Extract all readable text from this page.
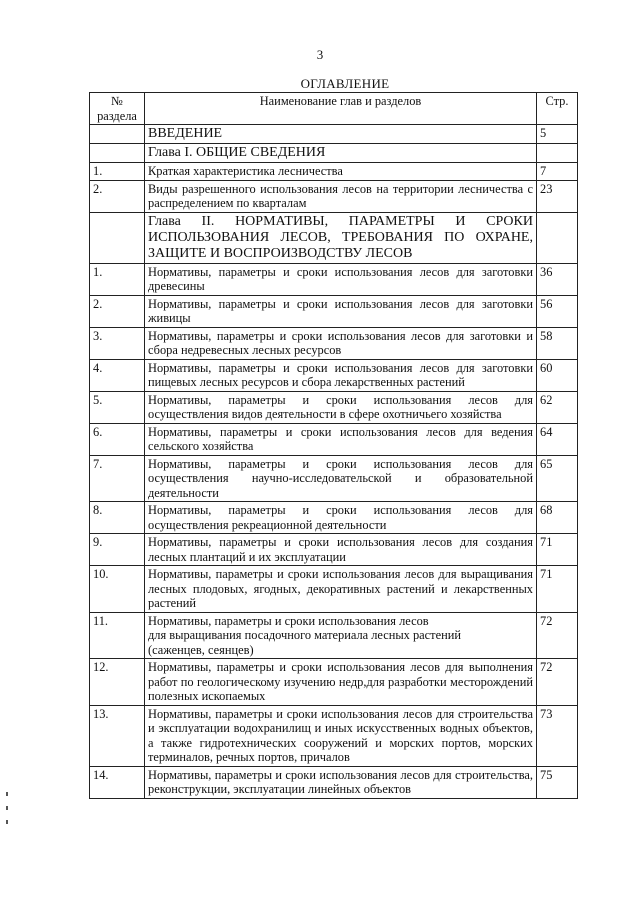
3
ОГЛАВЛЕНИЕ
№ раздела	Наименование глав и разделов	Стр.
	ВВЕДЕНИЕ	5
	Глава I. ОБЩИЕ СВЕДЕНИЯ	
1.	Краткая характеристика лесничества	7
2.	Виды разрешенного использования лесов на территории лесничества с распределением по кварталам	23
	Глава II. НОРМАТИВЫ, ПАРАМЕТРЫ И СРОКИ ИСПОЛЬЗОВАНИЯ ЛЕСОВ, ТРЕБОВАНИЯ ПО ОХРАНЕ, ЗАЩИТЕ И ВОСПРОИЗВОДСТВУ ЛЕСОВ	
1.	Нормативы, параметры и сроки использования лесов для заготовки древесины	36
2.	Нормативы, параметры и сроки использования лесов для заготовки живицы	56
3.	Нормативы, параметры и сроки использования лесов для заготовки и сбора недревесных лесных ресурсов	58
4.	Нормативы, параметры и сроки использования лесов для заготовки пищевых лесных ресурсов и сбора лекарственных растений	60
5.	Нормативы, параметры и сроки использования лесов для осуществления видов деятельности в сфере охотничьего хозяйства	62
6.	Нормативы, параметры и сроки использования лесов для ведения сельского хозяйства	64
7.	Нормативы, параметры и сроки использования лесов для осуществления научно-исследовательской и образовательной деятельности	65
8.	Нормативы, параметры и сроки использования лесов для осуществления рекреационной деятельности	68
9.	Нормативы, параметры и сроки использования лесов для создания лесных плантаций и их эксплуатации	71
10.	Нормативы, параметры и сроки использования лесов для выращивания лесных плодовых, ягодных, декоративных растений и лекарственных растений	71
11.	Нормативы, параметры и сроки использования лесов
для выращивания посадочного материала лесных растений
(саженцев, сеянцев)	72
12.	Нормативы, параметры и сроки использования лесов для выполнения работ по геологическому изучению недр,для разработки месторождений полезных ископаемых	72
13.	Нормативы, параметры и сроки использования лесов для строительства и эксплуатации водохранилищ и иных искусственных водных объектов, а также гидротехнических сооружений и морских портов, морских терминалов, речных портов, причалов	73
14.	Нормативы, параметры и сроки использования лесов для строительства, реконструкции, эксплуатации линейных объектов	75
